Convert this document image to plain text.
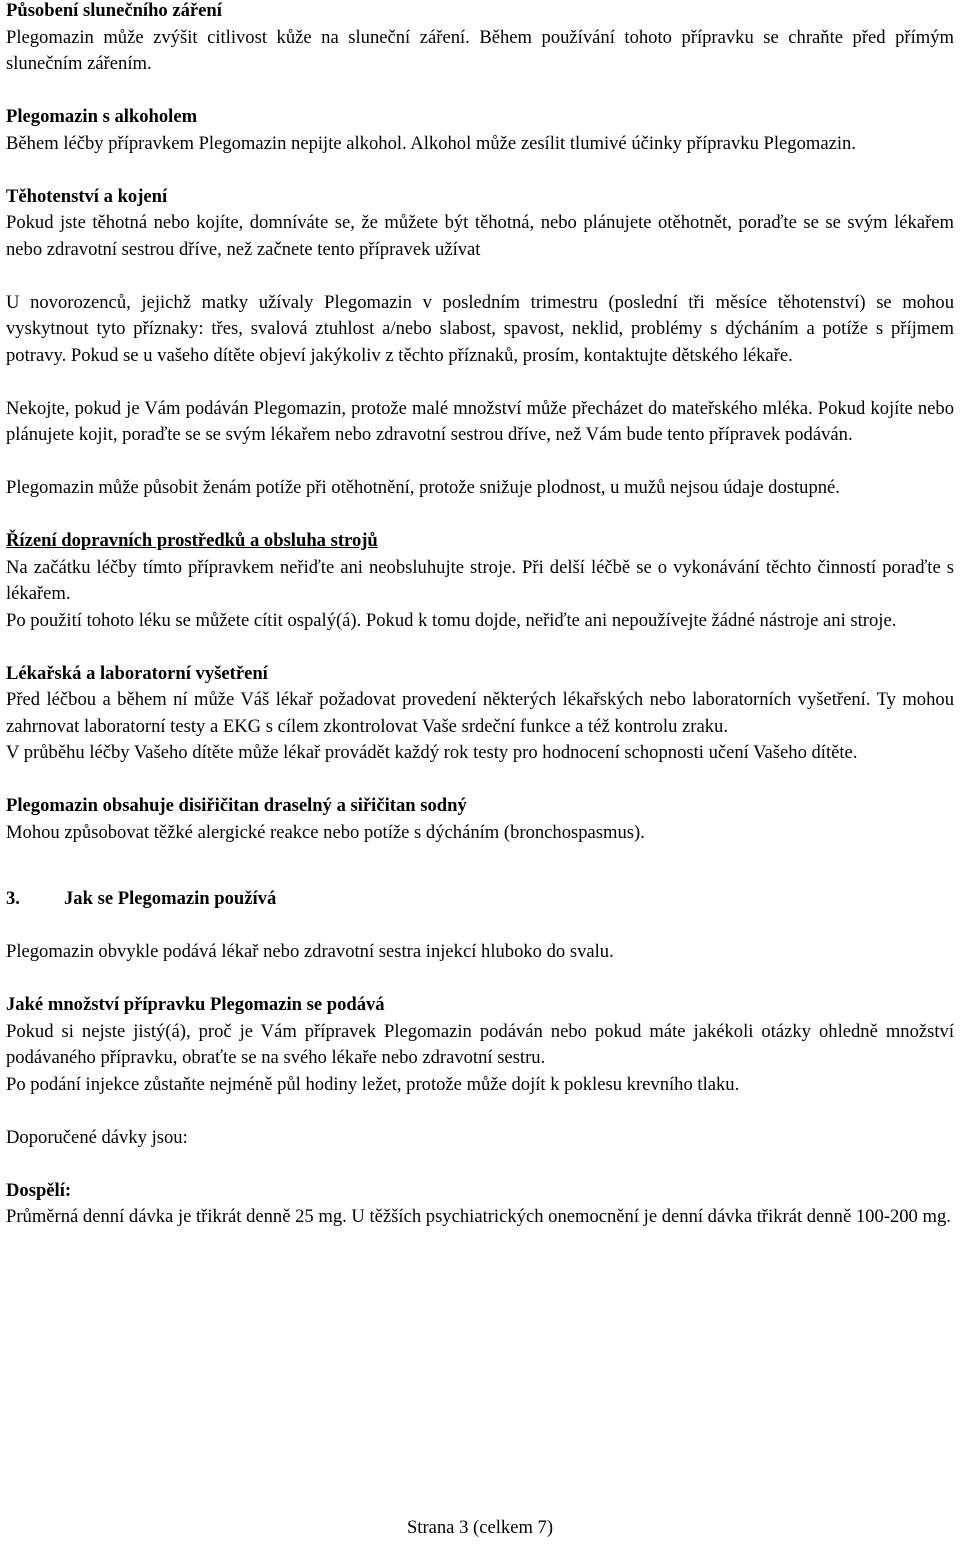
Působení slunečního záření

Plegomazin může zvýšit citlivost kůže na sluneční záření. Během používání tohoto přípravku se chraňte před přímým slunečním zářením.

Plegomazin s alkoholem

Během léčby přípravkem Plegomazin nepijte alkohol. Alkohol může zesílit tlumivé účinky přípravku Plegomazin.

Těhotenství a kojení

Pokud jste těhotná nebo kojíte, domníváte se, že můžete být těhotná, nebo plánujete otěhotnět, poraďte se se svým lékařem nebo zdravotní sestrou dříve, než začnete tento přípravek užívat

U novorozenců, jejichž matky užívaly Plegomazin v posledním trimestru (poslední tři měsíce těhotenství) se mohou vyskytnout tyto příznaky: třes, svalová ztuhlost a/nebo slabost, spavost, neklid, problémy s dýcháním a potíže s příjmem potravy. Pokud se u vašeho dítěte objeví jakýkoliv z těchto příznaků, prosím, kontaktujte dětského lékaře.

Nekojte, pokud je Vám podáván Plegomazin, protože malé množství může přecházet do mateřského mléka. Pokud kojíte nebo plánujete kojit, poraďte se se svým lékařem nebo zdravotní sestrou dříve, než Vám bude tento přípravek podáván.

Plegomazin může působit ženám potíže při otěhotnění, protože snižuje plodnost, u mužů nejsou údaje dostupné.

Řízení dopravních prostředků a obsluha strojů

Na začátku léčby tímto přípravkem neřiďte ani neobsluhujte stroje. Při delší léčbě se o vykonávání těchto činností poraďte s lékařem.

Po použití tohoto léku se můžete cítit ospalý(á). Pokud k tomu dojde, neřiďte ani nepoužívejte žádné nástroje ani stroje.

Lékařská a laboratorní vyšetření

Před léčbou a během ní může Váš lékař požadovat provedení některých lékařských nebo laboratorních vyšetření. Ty mohou zahrnovat laboratorní testy a EKG s cílem zkontrolovat Vaše srdeční funkce a též kontrolu zraku.

V průběhu léčby Vašeho dítěte může lékař provádět každý rok testy pro hodnocení schopnosti učení Vašeho dítěte.

Plegomazin obsahuje disiřičitan draselný a siřičitan sodný

Mohou způsobovat těžké alergické reakce nebo potíže s dýcháním (bronchospasmus).

3.	Jak se Plegomazin používá

Plegomazin obvykle podává lékař nebo zdravotní sestra injekcí hluboko do svalu.

Jaké množství přípravku Plegomazin se podává

Pokud si nejste jistý(á), proč je Vám přípravek Plegomazin podáván nebo pokud máte jakékoli otázky ohledně množství podávaného přípravku, obraťte se na svého lékaře nebo zdravotní sestru.

Po podání injekce zůstaňte nejméně půl hodiny ležet, protože může dojít k poklesu krevního tlaku.

Doporučené dávky jsou:

Dospělí:

Průměrná denní dávka je třikrát denně 25 mg. U těžších psychiatrických onemocnění je denní dávka třikrát denně 100-200 mg.

Strana 3 (celkem 7)
